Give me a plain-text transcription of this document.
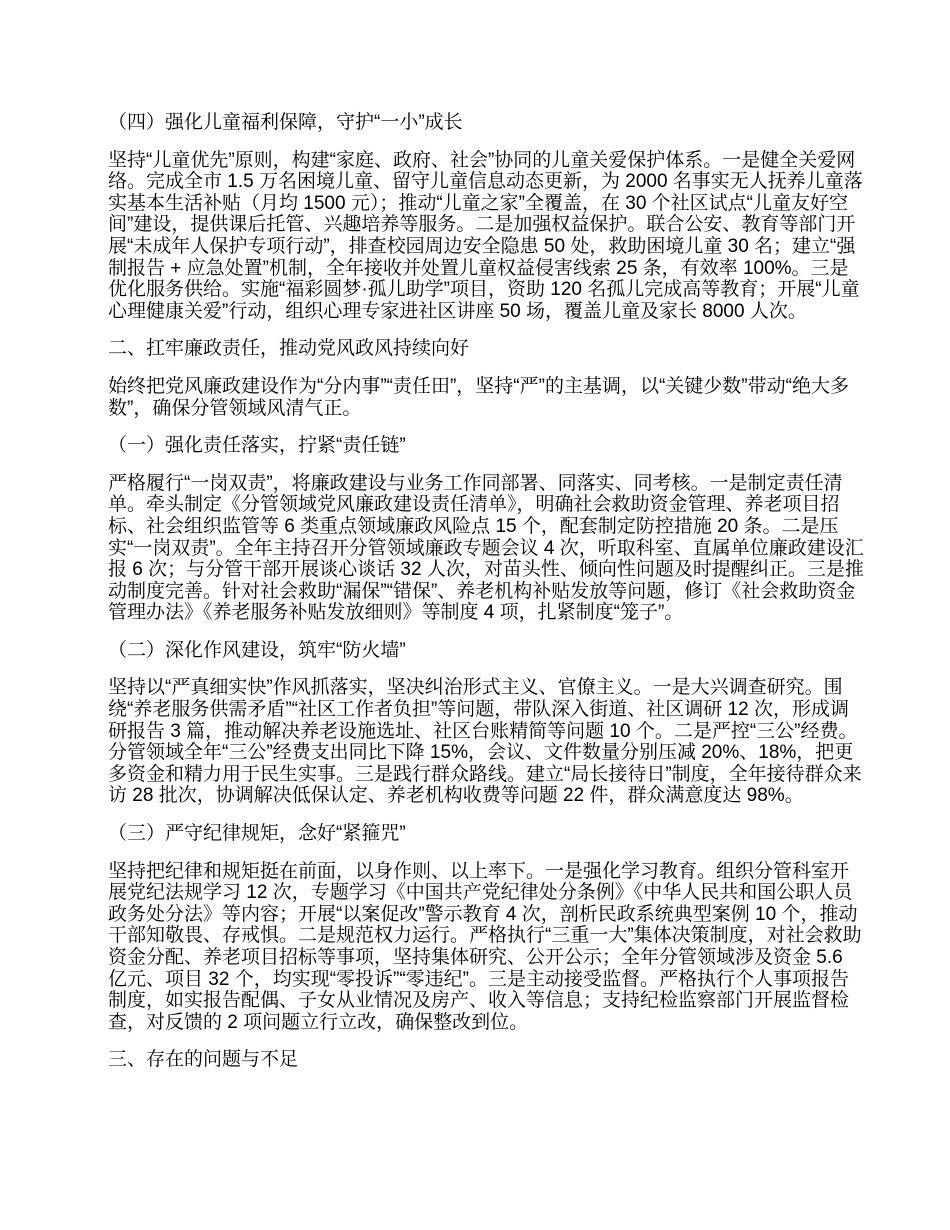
（四）强化儿童福利保障，守护“一小”成长
坚持“儿童优先”原则，构建“家庭、政府、社会”协同的儿童关爱保护体系。一是健全关爱网络。完成全市 1.5 万名困境儿童、留守儿童信息动态更新，为 2000 名事实无人抚养儿童落实基本生活补贴（月均 1500 元）；推动“儿童之家”全覆盖，在 30 个社区试点“儿童友好空间”建设，提供课后托管、兴趣培养等服务。二是加强权益保护。联合公安、教育等部门开展“未成年人保护专项行动”，排查校园周边安全隐患 50 处，救助困境儿童 30 名；建立“强制报告 + 应急处置”机制，全年接收并处置儿童权益侵害线索 25 条，有效率 100%。三是优化服务供给。实施“福彩圆梦·孤儿助学”项目，资助 120 名孤儿完成高等教育；开展“儿童心理健康关爱”行动，组织心理专家进社区讲座 50 场，覆盖儿童及家长 8000 人次。
二、扛牢廉政责任，推动党风政风持续向好
始终把党风廉政建设作为“分内事”“责任田”，坚持“严”的主基调，以“关键少数”带动“绝大多数”，确保分管领域风清气正。
（一）强化责任落实，拧紧“责任链”
严格履行“一岗双责”，将廉政建设与业务工作同部署、同落实、同考核。一是制定责任清单。牵头制定《分管领域党风廉政建设责任清单》，明确社会救助资金管理、养老项目招标、社会组织监管等 6 类重点领域廉政风险点 15 个，配套制定防控措施 20 条。二是压实“一岗双责”。全年主持召开分管领域廉政专题会议 4 次，听取科室、直属单位廉政建设汇报 6 次；与分管干部开展谈心谈话 32 人次，对苗头性、倾向性问题及时提醒纠正。三是推动制度完善。针对社会救助“漏保”“错保”、养老机构补贴发放等问题，修订《社会救助资金管理办法》《养老服务补贴发放细则》等制度 4 项，扎紧制度“笼子”。
（二）深化作风建设，筑牢“防火墙”
坚持以“严真细实快”作风抓落实，坚决纠治形式主义、官僚主义。一是大兴调查研究。围绕“养老服务供需矛盾”“社区工作者负担”等问题，带队深入街道、社区调研 12 次，形成调研报告 3 篇，推动解决养老设施选址、社区台账精简等问题 10 个。二是严控“三公”经费。分管领域全年“三公”经费支出同比下降 15%，会议、文件数量分别压减 20%、18%，把更多资金和精力用于民生实事。三是践行群众路线。建立“局长接待日”制度，全年接待群众来访 28 批次，协调解决低保认定、养老机构收费等问题 22 件，群众满意度达 98%。
（三）严守纪律规矩，念好“紧箍咒”
坚持把纪律和规矩挺在前面，以身作则、以上率下。一是强化学习教育。组织分管科室开展党纪法规学习 12 次，专题学习《中国共产党纪律处分条例》《中华人民共和国公职人员政务处分法》等内容；开展“以案促改”警示教育 4 次，剖析民政系统典型案例 10 个，推动干部知敬畏、存戒惧。二是规范权力运行。严格执行“三重一大”集体决策制度，对社会救助资金分配、养老项目招标等事项，坚持集体研究、公开公示；全年分管领域涉及资金 5.6 亿元、项目 32 个，均实现“零投诉”“零违纪”。三是主动接受监督。严格执行个人事项报告制度，如实报告配偶、子女从业情况及房产、收入等信息；支持纪检监察部门开展监督检查，对反馈的 2 项问题立行立改，确保整改到位。
三、存在的问题与不足
